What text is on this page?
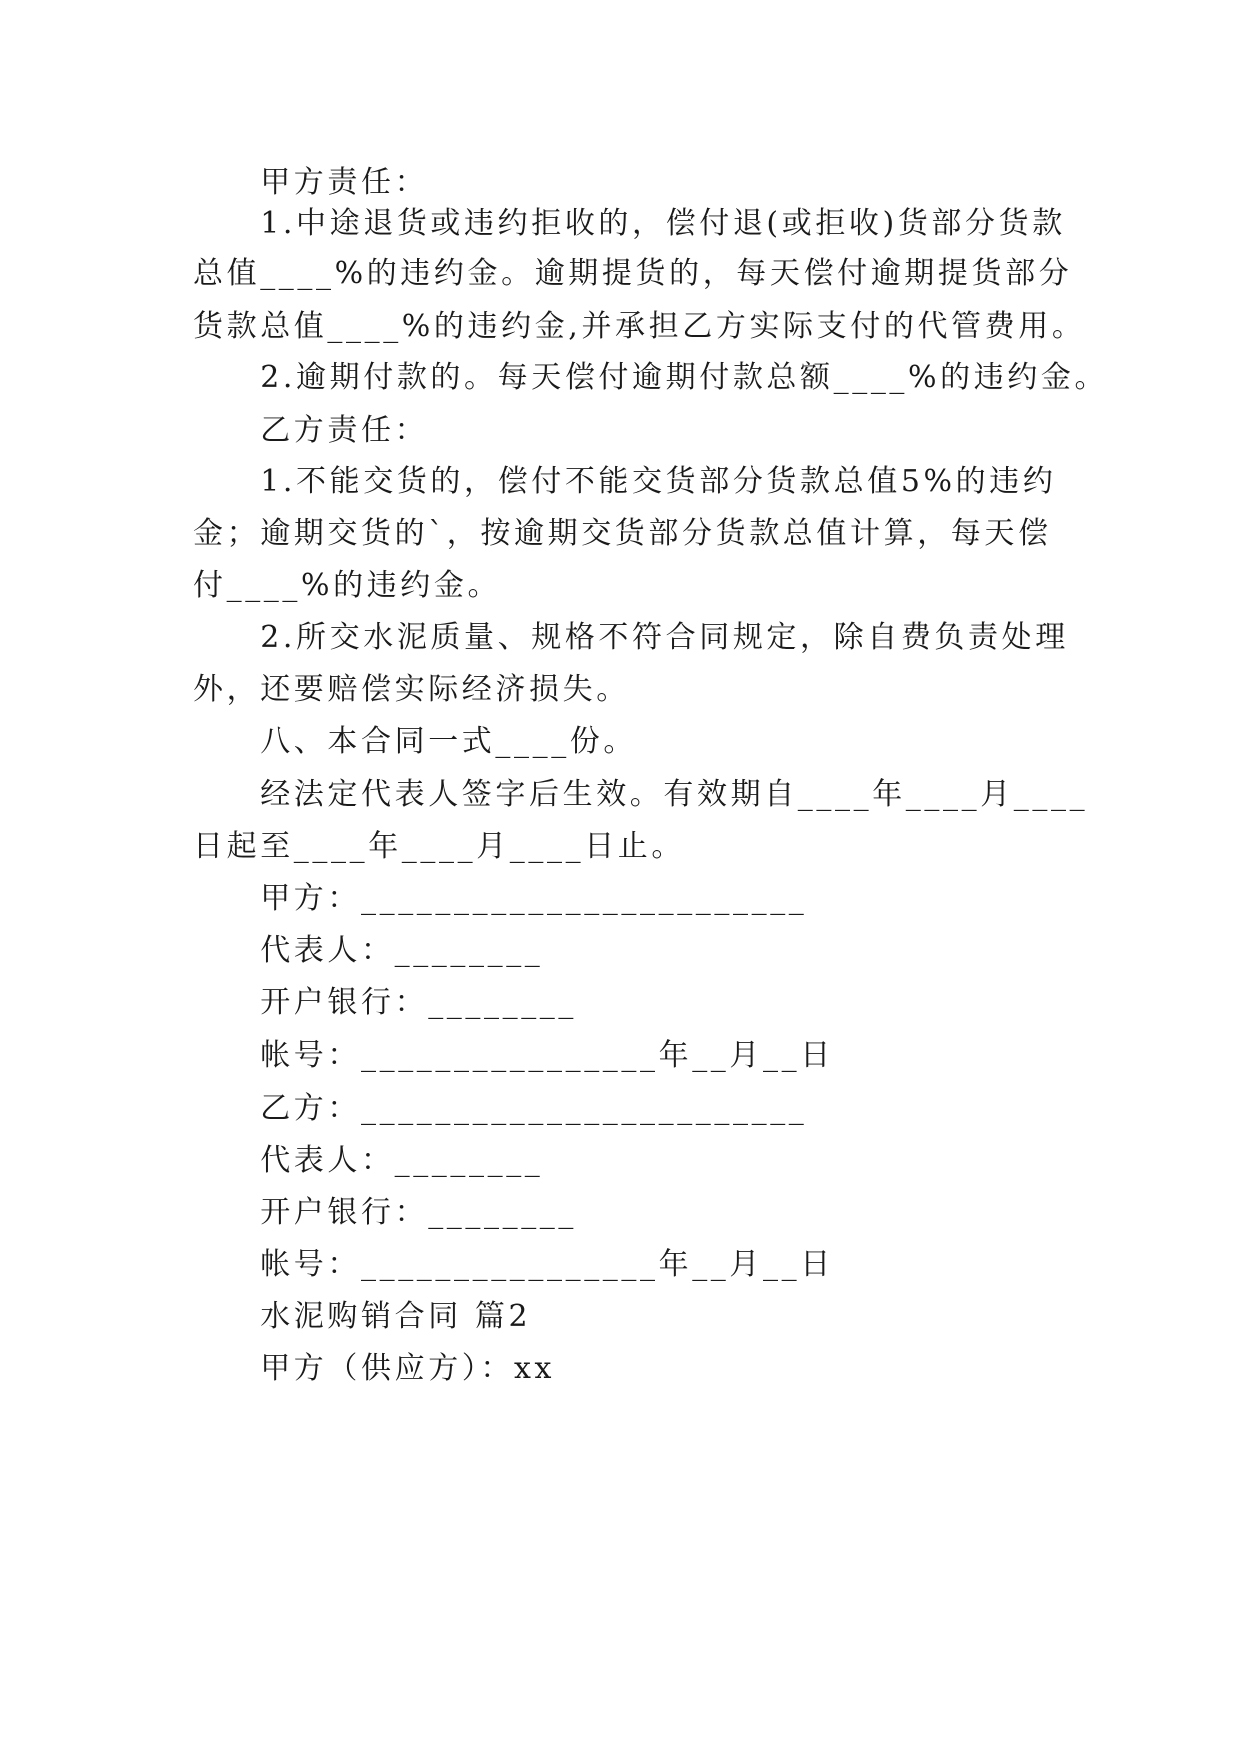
　　甲方责任：

　　1.中途退货或违约拒收的，偿付退(或拒收)货部分货款

总值____%的违约金。逾期提货的，每天偿付逾期提货部分

货款总值____%的违约金,并承担乙方实际支付的代管费用。

　　2.逾期付款的。每天偿付逾期付款总额____%的违约金。

　　乙方责任：

　　1.不能交货的，偿付不能交货部分货款总值5%的违约

金；逾期交货的`，按逾期交货部分货款总值计算，每天偿

付____%的违约金。

　　2.所交水泥质量、规格不符合同规定，除自费负责处理

外，还要赔偿实际经济损失。

　　八、本合同一式____份。

　　经法定代表人签字后生效。有效期自____年____月____

日起至____年____月____日止。

　　甲方：________________________

　　代表人：________

　　开户银行：________

　　帐号：________________年__月__日

　　乙方：________________________

　　代表人：________

　　开户银行：________

　　帐号：________________年__月__日

　　水泥购销合同 篇2

　　甲方（供应方）：xx
